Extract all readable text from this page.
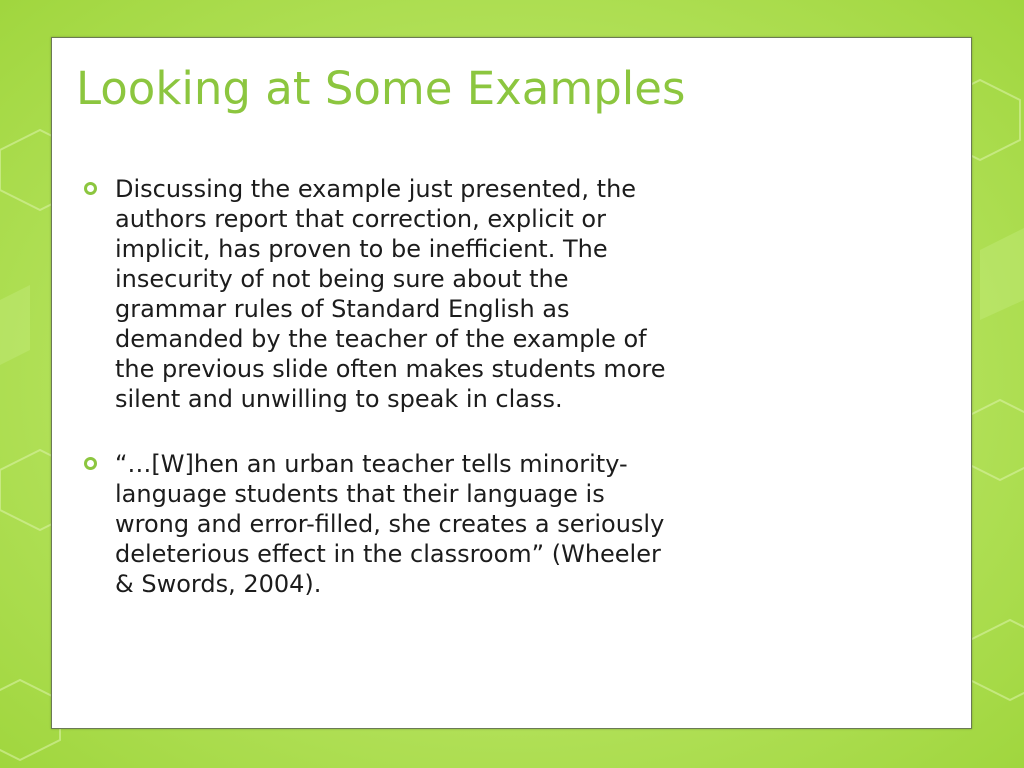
Looking at Some Examples
Discussing the example just presented, the
authors report that correction, explicit or
implicit, has proven to be inefficient. The
insecurity of not being sure about the
grammar rules of Standard English as
demanded by the teacher of the example of
the previous slide often makes students more
silent and unwilling to speak in class.
“…[W]hen an urban teacher tells minority-
language students that their language is
wrong and error-filled, she creates a seriously
deleterious effect in the classroom” (Wheeler
& Swords, 2004).
